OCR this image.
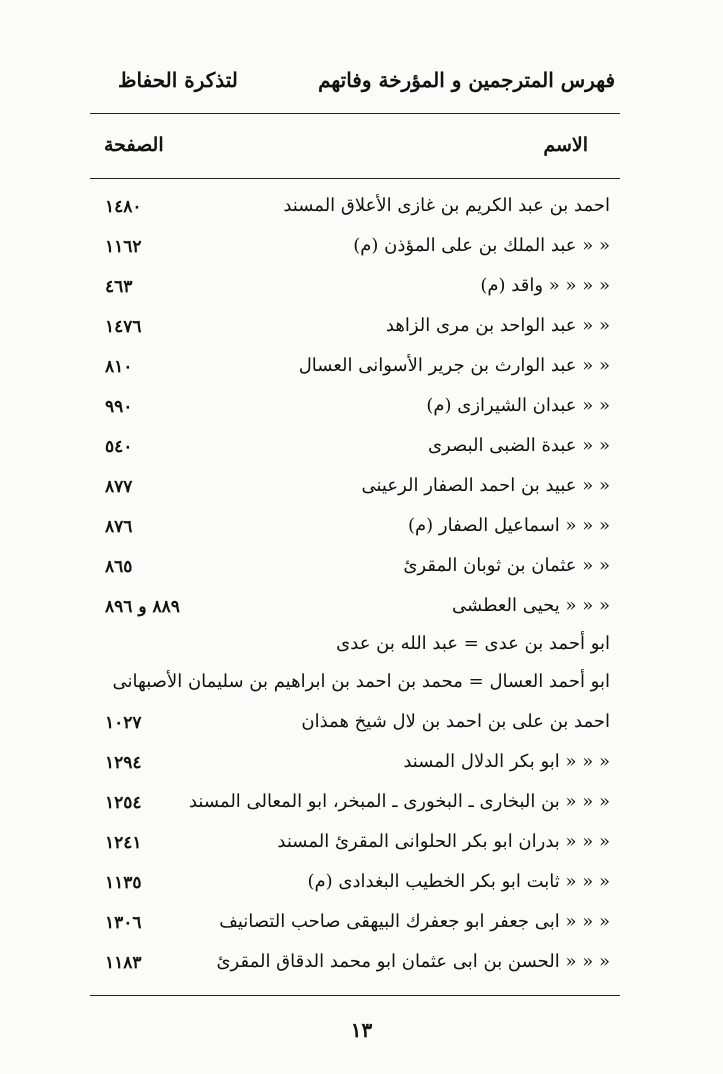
فهرس المترجمين و المؤرخة وفاتهم
لتذكرة الحفاظ
الاسم
الصفحة
احمد بن عبد الكريم بن غازى الأعلاق المسند
١٤٨٠
« « عبد الملك بن على المؤذن (م)
١١٦٢
« « « « واقد (م)
٤٦٣
« « عبد الواحد بن مرى الزاهد
١٤٧٦
« « عبد الوارث بن جرير الأسوانى العسال
٨١٠
« « عبدان الشيرازى (م)
٩٩٠
« « عبدة الضبى البصرى
٥٤٠
« « عبيد بن احمد الصفار الرعينى
٨٧٧
« « « اسماعيل الصفار (م)
٨٧٦
« « عثمان بن ثوبان المقرئ
٨٦٥
« « « يحيى العطشى
٨٨٩ و ٨٩٦
ابو أحمد بن عدى = عبد الله بن عدى
ابو أحمد العسال = محمد بن احمد بن ابراهيم بن سليمان الأصبهانى
احمد بن على بن احمد بن لال شيخ همذان
١٠٢٧
« « « ابو بكر الدلال المسند
١٢٩٤
« « « بن البخارى ـ البخورى ـ المبخر، ابو المعالى المسند
١٢٥٤
« « « بدران ابو بكر الحلوانى المقرئ المسند
١٢٤١
« « « ثابت ابو بكر الخطيب البغدادى (م)
١١٣٥
« « « ابى جعفر ابو جعفرك البيهقى صاحب التصانيف
١٣٠٦
« « « الحسن بن ابى عثمان ابو محمد الدقاق المقرئ
١١٨٣
١٣
